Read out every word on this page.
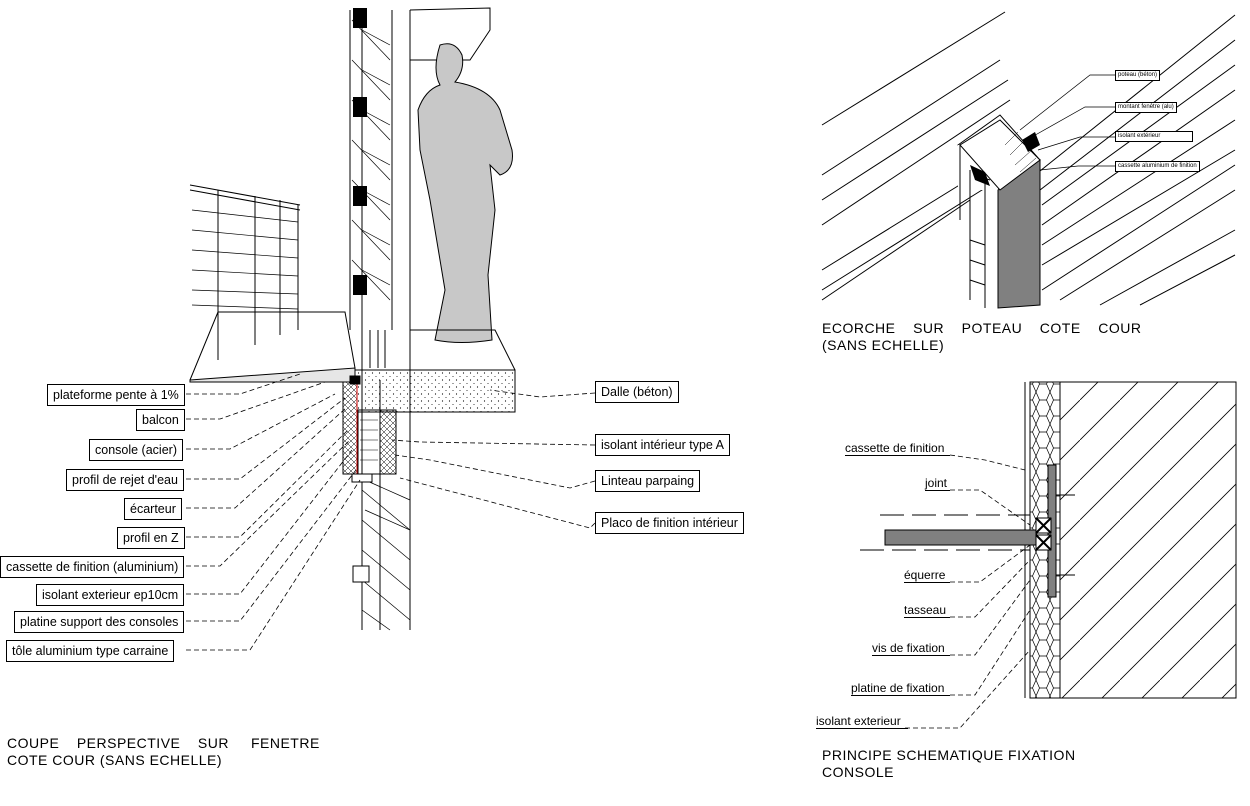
plateforme pente à 1%
balcon
console (acier)
profil de rejet d'eau
écarteur
profil en Z
cassette de finition (aluminium)
isolant exterieur ep10cm
platine support des consoles
tôle aluminium type carraine
Dalle (béton)
isolant intérieur type A
Linteau parpaing
Placo de finition intérieur
COUPE    PERSPECTIVE    SUR     FENETRE
COTE COUR (SANS ECHELLE)
poteau (béton)
montant fenêtre (alu)
isolant extérieur
cassette aluminium de finition
ECORCHE    SUR    POTEAU    COTE    COUR
(SANS ECHELLE)
cassette de finition
joint
équerre
tasseau
vis de fixation
platine de fixation
isolant exterieur
PRINCIPE SCHEMATIQUE FIXATION
CONSOLE
